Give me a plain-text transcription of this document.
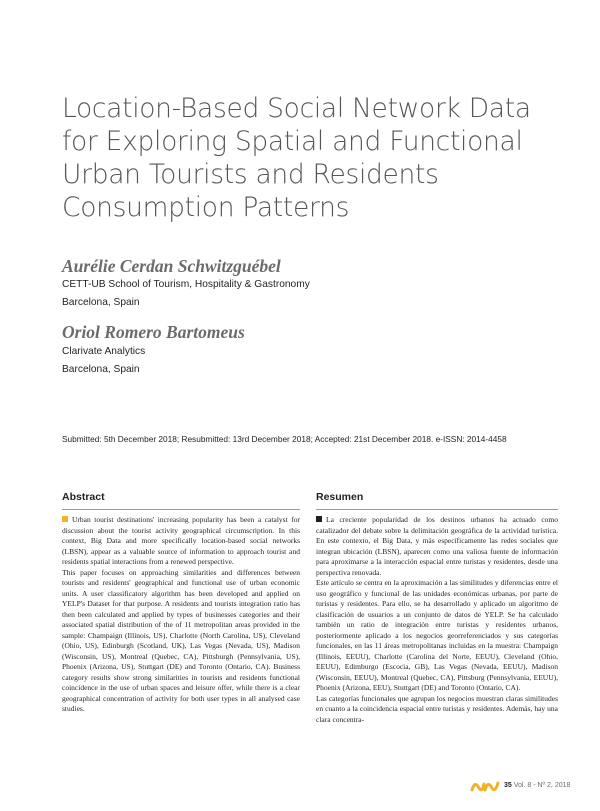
Location-Based Social Network Data for Exploring Spatial and Functional Urban Tourists and Residents Consumption Patterns
Aurélie Cerdan Schwitzguébel
CETT-UB School of Tourism, Hospitality & Gastronomy
Barcelona, Spain
Oriol Romero Bartomeus
Clarivate Analytics
Barcelona, Spain
Submitted: 5th December 2018; Resubmitted: 13rd December 2018; Accepted: 21st December 2018. e-ISSN: 2014-4458
Abstract

Urban tourist destinations' increasing popularity has been a catalyst for discussion about the tourist activity geographical circumscription. In this context, Big Data and more specifically location-based social networks (LBSN), appear as a valuable source of information to approach tourist and residents spatial interactions from a renewed perspective.

This paper focuses on approaching similarities and differences between tourists and residents' geographical and functional use of urban economic units. A user classificatory algorithm has been developed and applied on YELP's Dataset for that purpose. A residents and tourists integration ratio has then been calculated and applied by types of businesses categories and their associated spatial distribution of the of 11 metropolitan areas provided in the sample: Champaign (Illinois, US), Charlotte (North Carolina, US), Cleveland (Ohio, US), Edinburgh (Scotland, UK), Las Vegas (Nevada, US), Madison (Wisconsin, US), Montreal (Quebec, CA), Pittsburgh (Pennsylvania, US), Phoenix (Arizona, US), Stuttgart (DE) and Toronto (Ontario, CA). Business category results show strong similarities in tourists and residents functional coincidence in the use of urban spaces and leisure offer, while there is a clear geographical concentration of activity for both user types in all analysed case studies.

Resumen

La creciente popularidad de los destinos urbanos ha actuado como catalizador del debate sobre la delimitación geográfica de la actividad turística. En este contexto, el Big Data, y más específicamente las redes sociales que integran ubicación (LBSN), aparecen como una valiosa fuente de información para aproximarse a la interacción espacial entre turistas y residentes, desde una perspectiva renovada.

Este artículo se centra en la aproximación a las similitudes y diferencias entre el uso geográfico y funcional de las unidades económicas urbanas, por parte de turistas y residentes. Para ello, se ha desarrollado y aplicado un algoritmo de clasificación de usuarios a un conjunto de datos de YELP. Se ha calculado también un ratio de integración entre turistas y residentes urbanos, posteriormente aplicado a los negocios georreferenciados y sus categorías funcionales, en las 11 áreas metropolitanas incluidas en la muestra: Champaign (Illinois, EEUU), Charlotte (Carolina del Norte, EEUU), Cleveland (Ohio, EEUU), Edimburgo (Escocia, GB), Las Vegas (Nevada, EEUU), Madison (Wisconsin, EEUU), Montreal (Quebec, CA), Pittsburg (Pennsylvania, EEUU), Phoenix (Arizona, EEU), Stuttgart (DE) and Toronto (Ontario, CA).

Las categorías funcionales que agrupan los negocios muestran claras similitudes en cuanto a la coincidencia espacial entre turistas y residentes. Además, hay una clara concentra-

35 Vol. 8 - Nº 2, 2018
